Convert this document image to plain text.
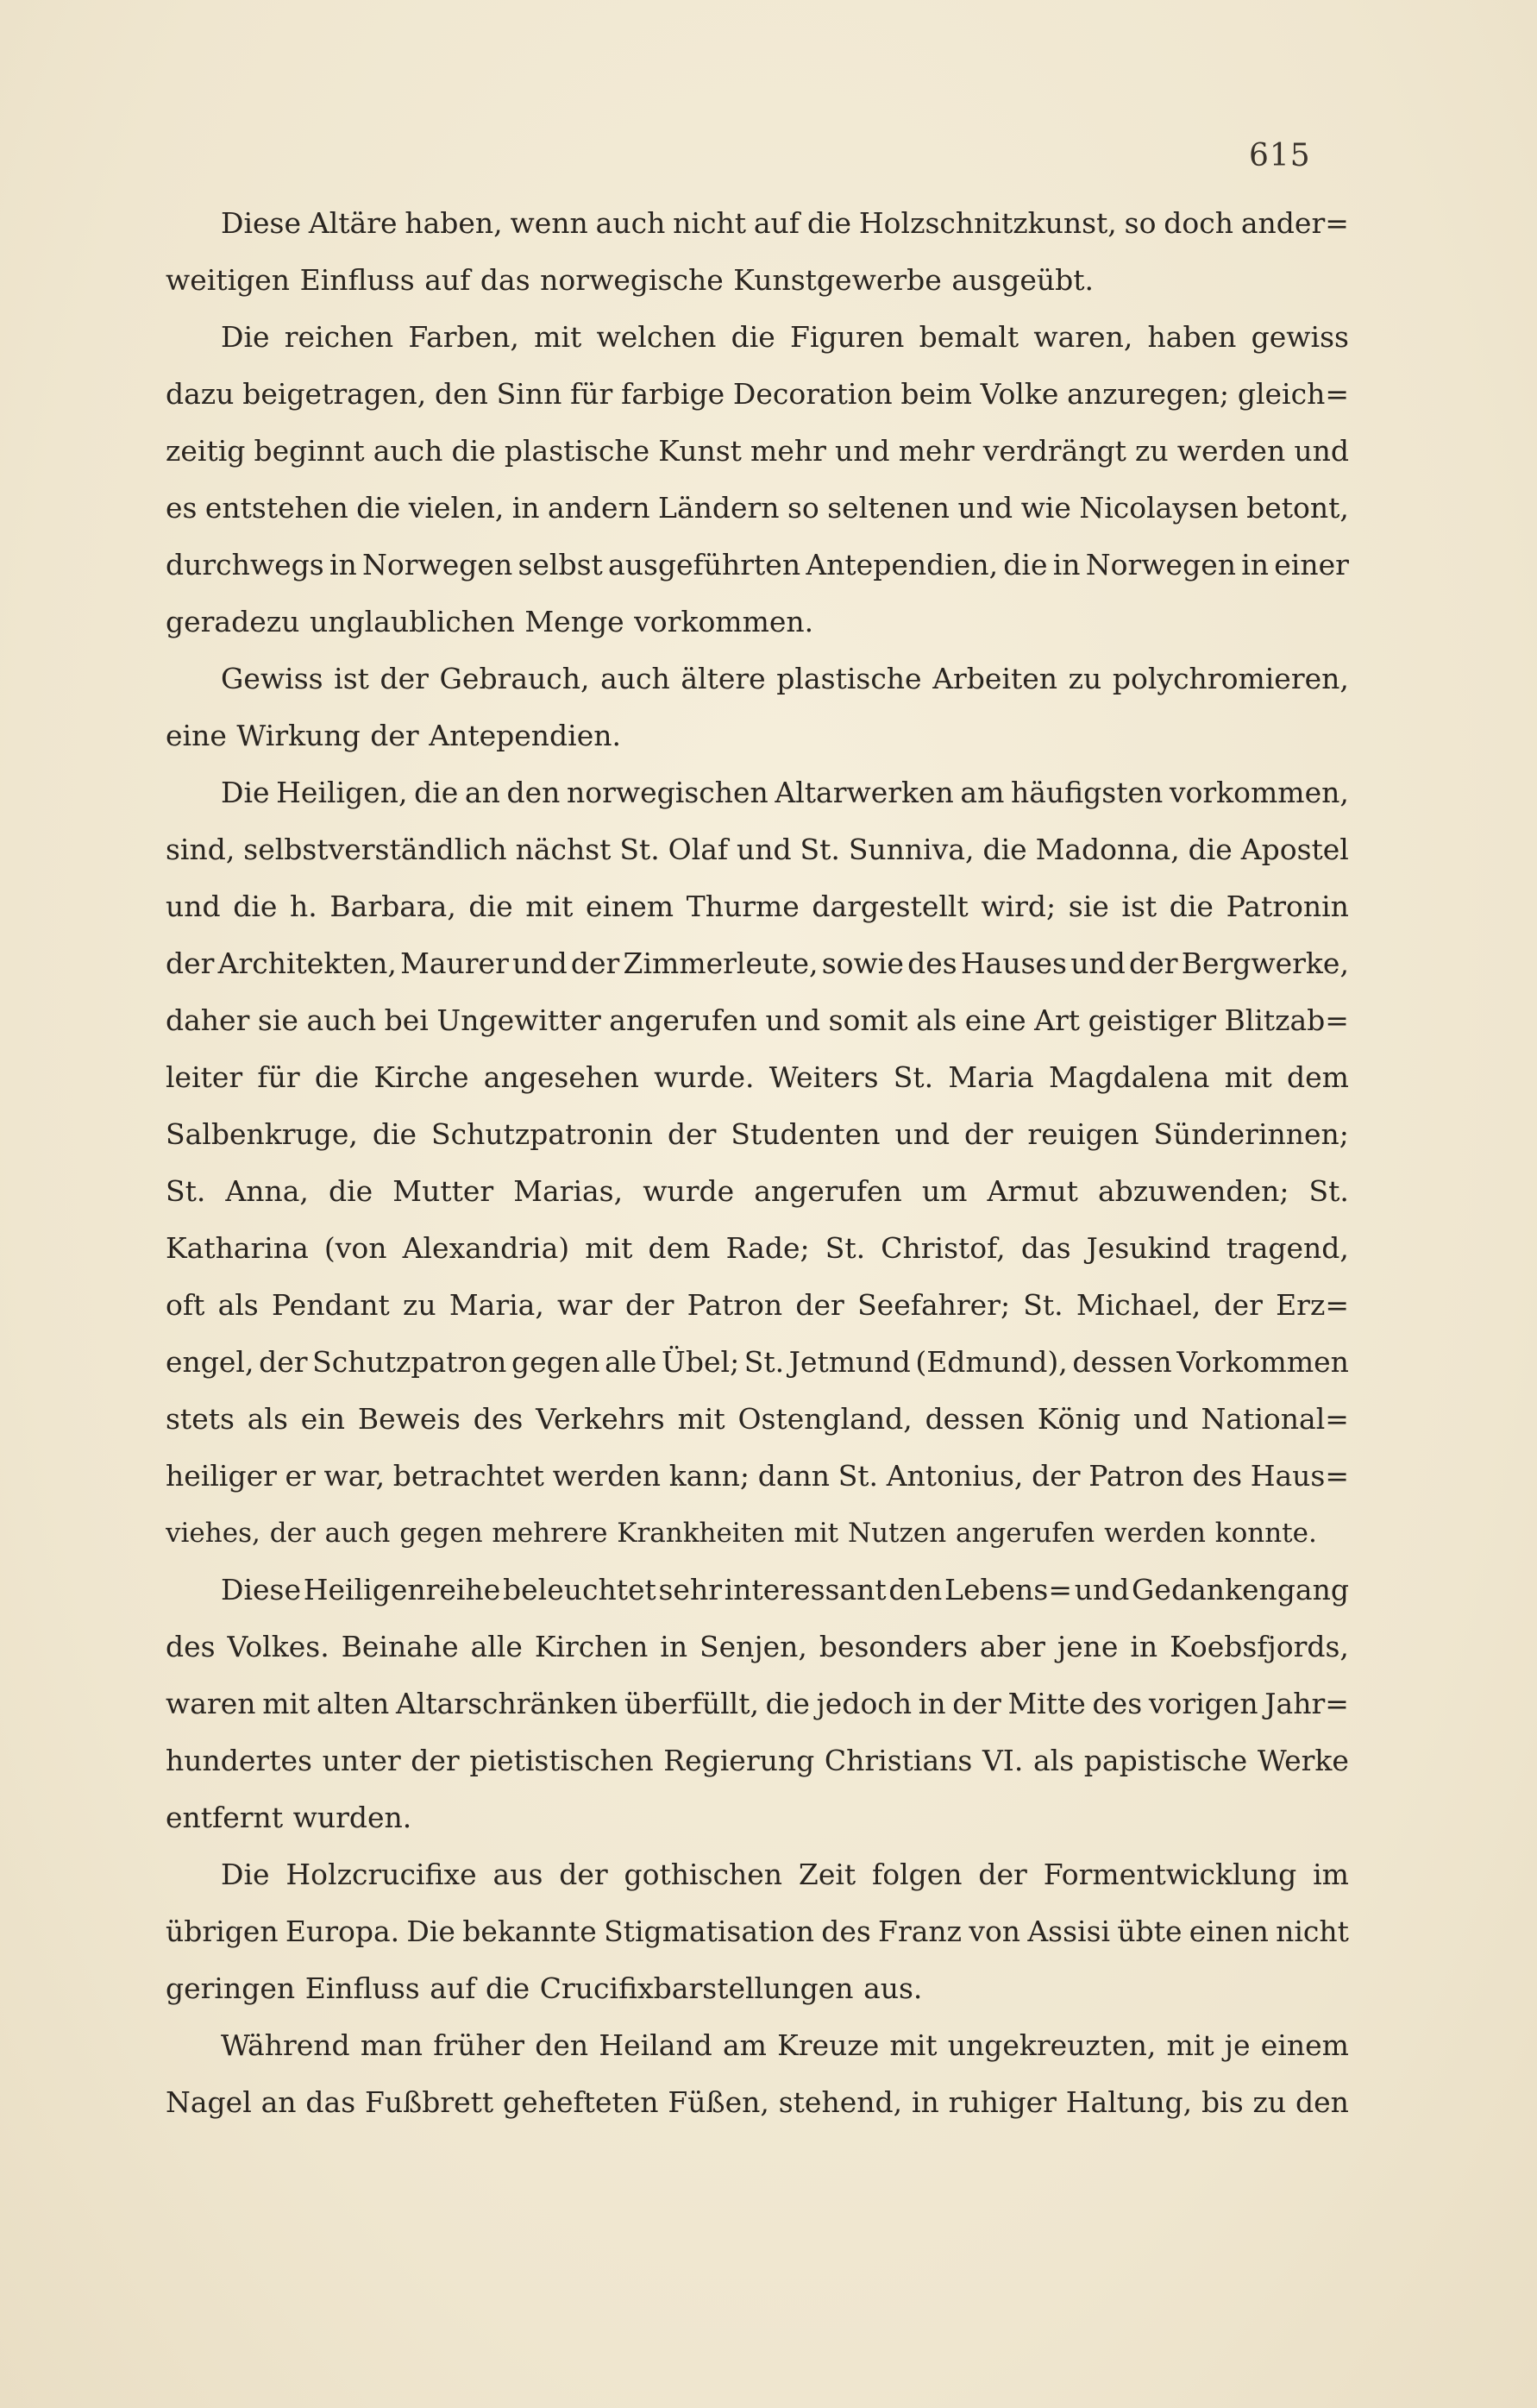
615
Diese Altäre haben, wenn auch nicht auf die Holzschnitzkunst, so doch ander=
weitigen Einfluss auf das norwegische Kunstgewerbe ausgeübt.
Die reichen Farben, mit welchen die Figuren bemalt waren, haben gewiss
dazu beigetragen, den Sinn für farbige Decoration beim Volke anzuregen; gleich=
zeitig beginnt auch die plastische Kunst mehr und mehr verdrängt zu werden und
es entstehen die vielen, in andern Ländern so seltenen und wie Nicolaysen betont,
durchwegs in Norwegen selbst ausgeführten Antependien, die in Norwegen in einer
geradezu unglaublichen Menge vorkommen.
Gewiss ist der Gebrauch, auch ältere plastische Arbeiten zu polychromieren,
eine Wirkung der Antependien.
Die Heiligen, die an den norwegischen Altarwerken am häufigsten vorkommen,
sind, selbstverständlich nächst St. Olaf und St. Sunniva, die Madonna, die Apostel
und die h. Barbara, die mit einem Thurme dargestellt wird; sie ist die Patronin
der Architekten, Maurer und der Zimmerleute, sowie des Hauses und der Bergwerke,
daher sie auch bei Ungewitter angerufen und somit als eine Art geistiger Blitzab=
leiter für die Kirche angesehen wurde. Weiters St. Maria Magdalena mit dem
Salbenkruge, die Schutzpatronin der Studenten und der reuigen Sünderinnen;
St. Anna, die Mutter Marias, wurde angerufen um Armut abzuwenden; St.
Katharina (von Alexandria) mit dem Rade; St. Christof, das Jesukind tragend,
oft als Pendant zu Maria, war der Patron der Seefahrer; St. Michael, der Erz=
engel, der Schutzpatron gegen alle Übel; St. Jetmund (Edmund), dessen Vorkommen
stets als ein Beweis des Verkehrs mit Ostengland, dessen König und National=
heiliger er war, betrachtet werden kann; dann St. Antonius, der Patron des Haus=
viehes, der auch gegen mehrere Krankheiten mit Nutzen angerufen werden konnte.
Diese Heiligenreihe beleuchtet sehr interessant den Lebens= und Gedankengang
des Volkes. Beinahe alle Kirchen in Senjen, besonders aber jene in Koebsfjords,
waren mit alten Altarschränken überfüllt, die jedoch in der Mitte des vorigen Jahr=
hundertes unter der pietistischen Regierung Christians VI. als papistische Werke
entfernt wurden.
Die Holzcrucifixe aus der gothischen Zeit folgen der Formentwicklung im
übrigen Europa. Die bekannte Stigmatisation des Franz von Assisi übte einen nicht
geringen Einfluss auf die Crucifixbarstellungen aus.
Während man früher den Heiland am Kreuze mit ungekreuzten, mit je einem
Nagel an das Fußbrett gehefteten Füßen, stehend, in ruhiger Haltung, bis zu den
